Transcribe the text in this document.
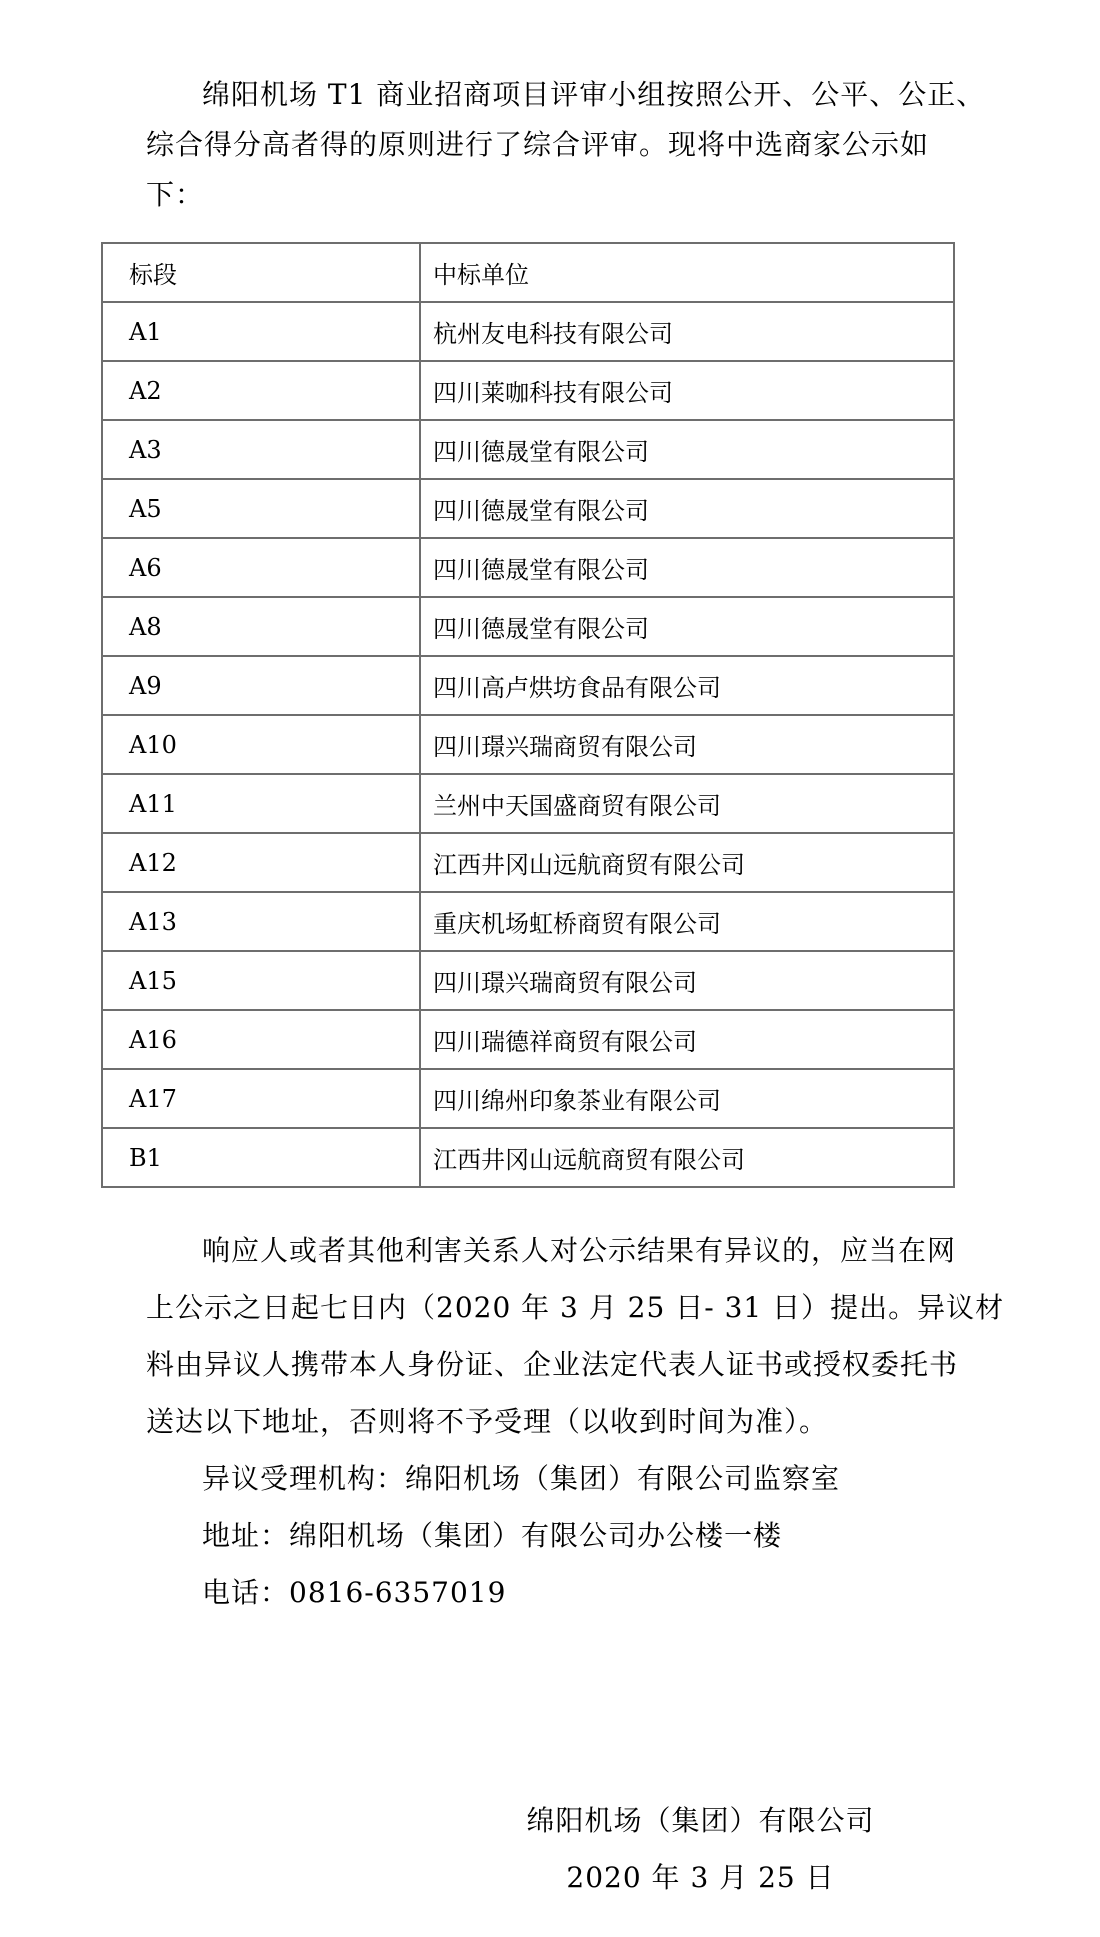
绵阳机场 T1 商业招商项目评审小组按照公开、公平、公正、
综合得分高者得的原则进行了综合评审。现将中选商家公示如
下：
标段	中标单位
A1	杭州友电科技有限公司
A2	四川莱咖科技有限公司
A3	四川德晟堂有限公司
A5	四川德晟堂有限公司
A6	四川德晟堂有限公司
A8	四川德晟堂有限公司
A9	四川高卢烘坊食品有限公司
A10	四川璟兴瑞商贸有限公司
A11	兰州中天国盛商贸有限公司
A12	江西井冈山远航商贸有限公司
A13	重庆机场虹桥商贸有限公司
A15	四川璟兴瑞商贸有限公司
A16	四川瑞德祥商贸有限公司
A17	四川绵州印象茶业有限公司
B1	江西井冈山远航商贸有限公司
响应人或者其他利害关系人对公示结果有异议的，应当在网
上公示之日起七日内（2020 年 3 月 25 日- 31 日）提出。异议材
料由异议人携带本人身份证、企业法定代表人证书或授权委托书
送达以下地址，否则将不予受理（以收到时间为准）。
异议受理机构：绵阳机场（集团）有限公司监察室
地址：绵阳机场（集团）有限公司办公楼一楼
电话：0816-6357019
绵阳机场（集团）有限公司
2020 年 3 月 25 日
